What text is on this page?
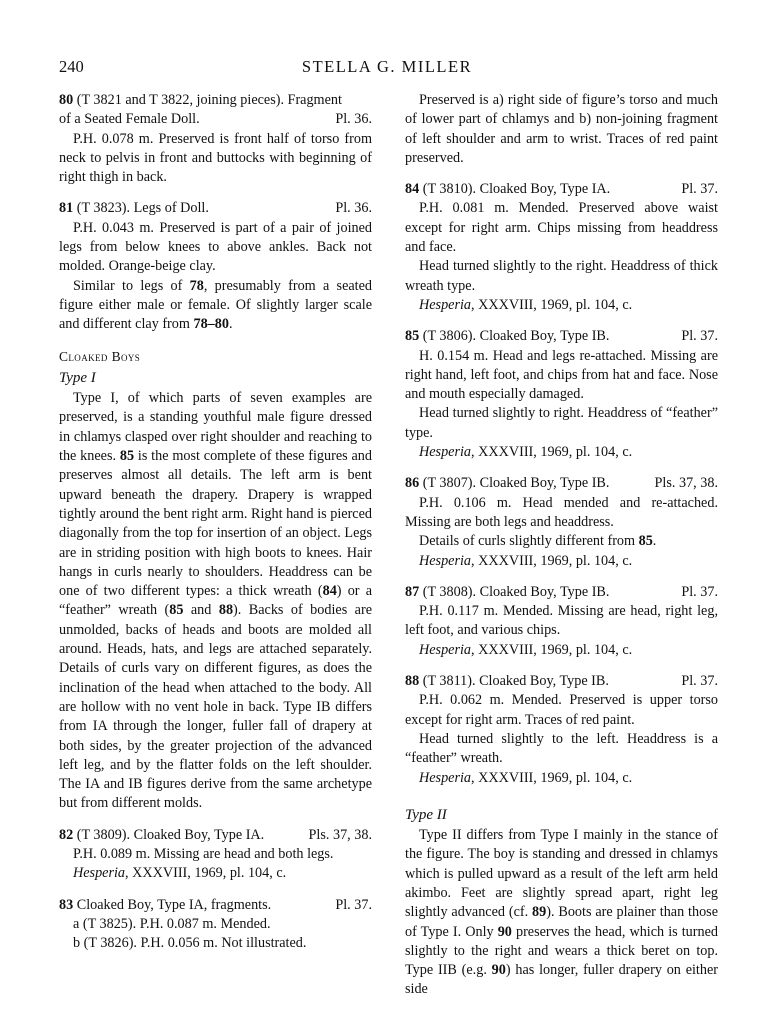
240	STELLA G. MILLER

80 (T 3821 and T 3822, joining pieces). Fragment

of a Seated Female Doll.	Pl. 36.

P.H. 0.078 m. Preserved is front half of torso from neck to pelvis in front and buttocks with beginning of right thigh in back.

81 (T 3823). Legs of Doll.	Pl. 36.

P.H. 0.043 m. Preserved is part of a pair of joined legs from below knees to above ankles. Back not molded. Orange-beige clay.

Similar to legs of 78, presumably from a seated figure either male or female. Of slightly larger scale and different clay from 78–80.

Cloaked Boys
Type I

Type I, of which parts of seven examples are preserved, is a standing youthful male figure dressed in chlamys clasped over right shoulder and reaching to the knees. 85 is the most complete of these figures and preserves almost all details. The left arm is bent upward beneath the drapery. Drapery is wrapped tightly around the bent right arm. Right hand is pierced diagonally from the top for insertion of an object. Legs are in striding position with high boots to knees. Hair hangs in curls nearly to shoulders. Headdress can be one of two different types: a thick wreath (84) or a “feather” wreath (85 and 88). Backs of bodies are unmolded, backs of heads and boots are molded all around. Heads, hats, and legs are attached separately. Details of curls vary on different figures, as does the inclination of the head when attached to the body. All are hollow with no vent hole in back. Type IB differs from IA through the longer, fuller fall of drapery at both sides, by the greater projection of the advanced left leg, and by the flatter folds on the left shoulder. The IA and IB figures derive from the same archetype but from different molds.

82 (T 3809). Cloaked Boy, Type IA.	Pls. 37, 38.

P.H. 0.089 m. Missing are head and both legs.

Hesperia, XXXVIII, 1969, pl. 104, c.

83 Cloaked Boy, Type IA, fragments.	Pl. 37.

a (T 3825). P.H. 0.087 m. Mended.

b (T 3826). P.H. 0.056 m. Not illustrated.

Preserved is a) right side of figure’s torso and much of lower part of chlamys and b) non-joining fragment of left shoulder and arm to wrist. Traces of red paint preserved.

84 (T 3810). Cloaked Boy, Type IA.	Pl. 37.

P.H. 0.081 m. Mended. Preserved above waist except for right arm. Chips missing from headdress and face.

Head turned slightly to the right. Headdress of thick wreath type.

Hesperia, XXXVIII, 1969, pl. 104, c.

85 (T 3806). Cloaked Boy, Type IB.	Pl. 37.

H. 0.154 m. Head and legs re-attached. Missing are right hand, left foot, and chips from hat and face. Nose and mouth especially damaged.

Head turned slightly to right. Headdress of “feather” type.

Hesperia, XXXVIII, 1969, pl. 104, c.

86 (T 3807). Cloaked Boy, Type IB.	Pls. 37, 38.

P.H. 0.106 m. Head mended and re-attached. Missing are both legs and headdress.

Details of curls slightly different from 85.

Hesperia, XXXVIII, 1969, pl. 104, c.

87 (T 3808). Cloaked Boy, Type IB.	Pl. 37.

P.H. 0.117 m. Mended. Missing are head, right leg, left foot, and various chips.

Hesperia, XXXVIII, 1969, pl. 104, c.

88 (T 3811). Cloaked Boy, Type IB.	Pl. 37.

P.H. 0.062 m. Mended. Preserved is upper torso except for right arm. Traces of red paint.

Head turned slightly to the left. Headdress is a “feather” wreath.

Hesperia, XXXVIII, 1969, pl. 104, c.

Type II

Type II differs from Type I mainly in the stance of the figure. The boy is standing and dressed in chlamys which is pulled upward as a result of the left arm held akimbo. Feet are slightly spread apart, right leg slightly advanced (cf. 89). Boots are plainer than those of Type I. Only 90 preserves the head, which is turned slightly to the right and wears a thick beret on top. Type IIB (e.g. 90) has longer, fuller drapery on either side
